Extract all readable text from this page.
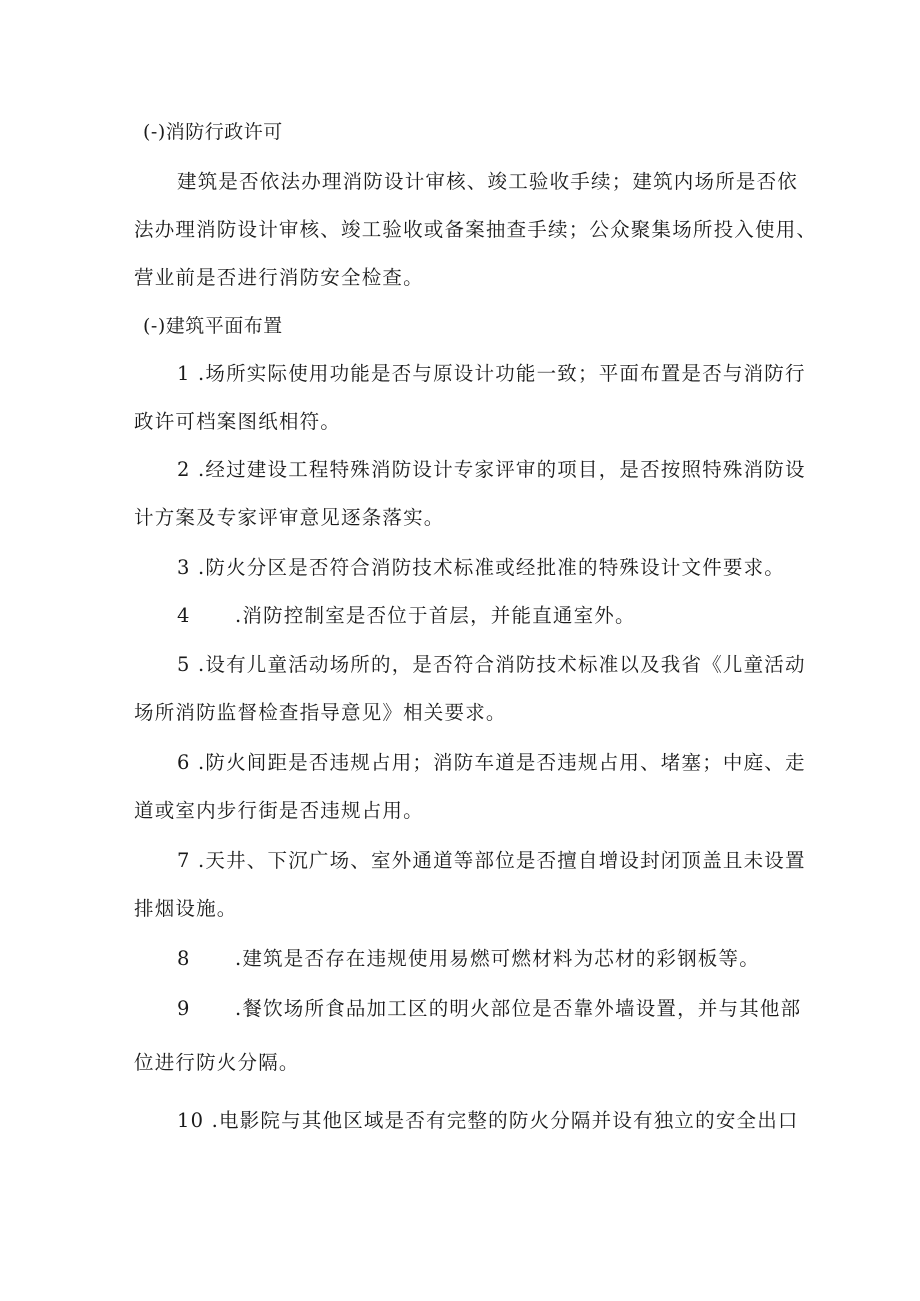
(-)消防行政许可
建筑是否依法办理消防设计审核、竣工验收手续；建筑内场所是否依
法办理消防设计审核、竣工验收或备案抽查手续；公众聚集场所投入使用、
营业前是否进行消防安全检查。
(-)建筑平面布置
1 .场所实际使用功能是否与原设计功能一致；平面布置是否与消防行
政许可档案图纸相符。
2 .经过建设工程特殊消防设计专家评审的项目，是否按照特殊消防设
计方案及专家评审意见逐条落实。
3 .防火分区是否符合消防技术标准或经批准的特殊设计文件要求。
4 .消防控制室是否位于首层，并能直通室外。
5 .设有儿童活动场所的，是否符合消防技术标准以及我省《儿童活动
场所消防监督检查指导意见》相关要求。
6 .防火间距是否违规占用；消防车道是否违规占用、堵塞；中庭、走
道或室内步行街是否违规占用。
7 .天井、下沉广场、室外通道等部位是否擅自增设封闭顶盖且未设置
排烟设施。
8 .建筑是否存在违规使用易燃可燃材料为芯材的彩钢板等。
9 .餐饮场所食品加工区的明火部位是否靠外墙设置，并与其他部
位进行防火分隔。
10 .电影院与其他区域是否有完整的防火分隔并设有独立的安全出口
